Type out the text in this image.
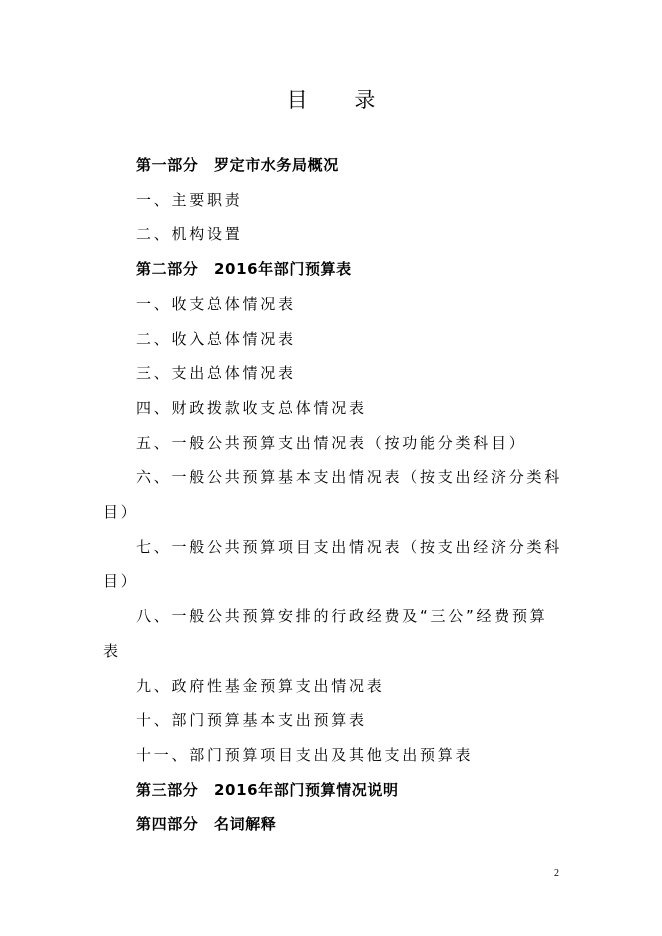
目 录
第一部分　罗定市水务局概况
一、主要职责
二、机构设置
第二部分　2016年部门预算表
一、收支总体情况表
二、收入总体情况表
三、支出总体情况表
四、财政拨款收支总体情况表
五、一般公共预算支出情况表（按功能分类科目）
六、一般公共预算基本支出情况表（按支出经济分类科目）
七、一般公共预算项目支出情况表（按支出经济分类科目）
八、一般公共预算安排的行政经费及“三公”经费预算表
九、政府性基金预算支出情况表
十、部门预算基本支出预算表
十一、部门预算项目支出及其他支出预算表
第三部分　2016年部门预算情况说明
第四部分　名词解释
2
